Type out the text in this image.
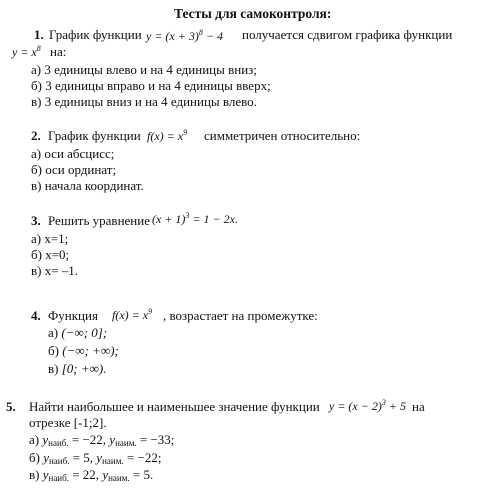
Тесты для самоконтроля:
1. График функции $y = (x + 3)^8 - 4$ получается сдвигом графика функции
$y = x^8$ на:
а) 3 единицы влево и на 4 единицы вниз;
б) 3 единицы вправо и на 4 единицы вверх;
в) 3 единицы вниз и на 4 единицы влево.
2. График функции $f(x) = x^9$ симметричен относительно:
а) оси абсцисс;
б) оси ординат;
в) начала координат.
3. Решить уравнение $(x + 1)^3 = 1 - 2x$.
а) x=1;
б) x=0;
в) x= –1.
4. Функция $f(x) = x^9$ , возрастает на промежутке:
а) (−∞; 0];
б) (−∞; +∞);
в) [0; +∞).
5. Найти наибольшее и наименьшее значение функции $y = (x - 2)^3 + 5$ на
отрезке [-1;2].
а) $y_{наиб.} = -22$, $y_{наим.} = -33$;
б) $y_{наиб.} = 5$, $y_{наим.} = -22$;
в) $y_{наиб.} = 22$, $y_{наим.} = 5$.
